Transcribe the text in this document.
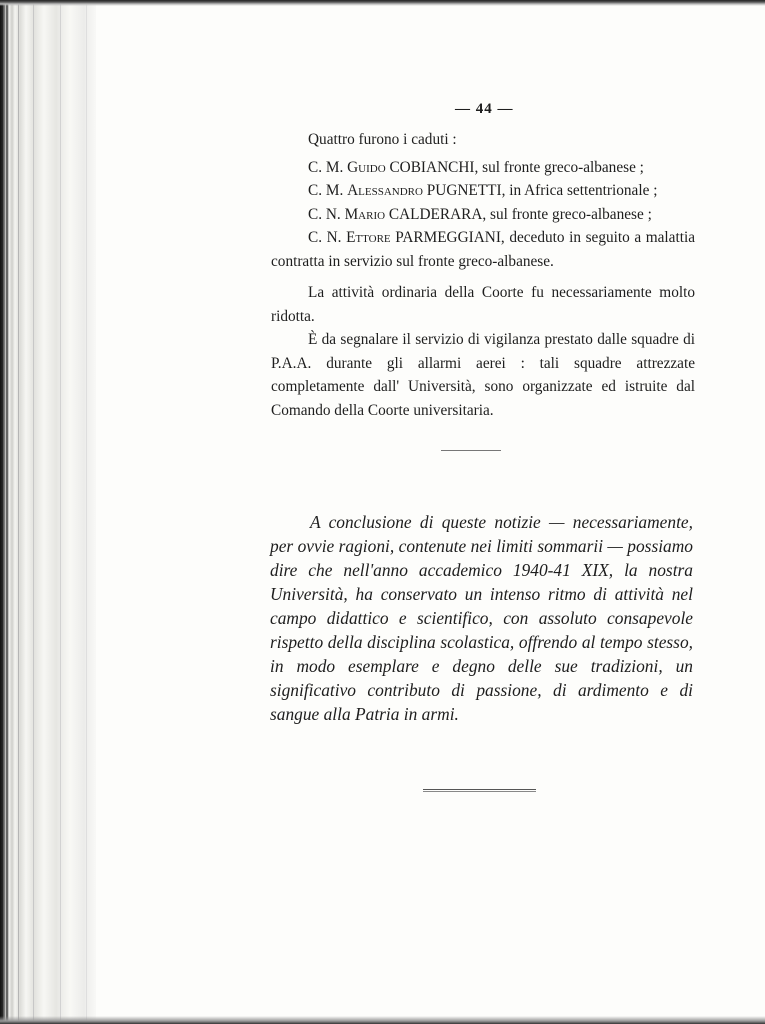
— 44 —

Quattro furono i caduti :

C. M. Guido COBIANCHI, sul fronte greco-albanese ;

C. M. Alessandro PUGNETTI, in Africa settentrionale ;

C. N. Mario CALDERARA, sul fronte greco-albanese ;

C. N. Ettore PARMEGGIANI, deceduto in seguito a malattia contratta in servizio sul fronte greco-albanese.

La attività ordinaria della Coorte fu necessariamente molto ridotta.

È da segnalare il servizio di vigilanza prestato dalle squadre di P.A.A. durante gli allarmi aerei : tali squadre attrezzate completamente dall' Università, sono organizzate ed istruite dal Comando della Coorte universitaria.

A conclusione di queste notizie — necessariamente, per ovvie ragioni, contenute nei limiti sommarii — possiamo dire che nell'anno accademico 1940-41 XIX, la nostra Università, ha conservato un intenso ritmo di attività nel campo didattico e scientifico, con assoluto consapevole rispetto della disciplina scolastica, offrendo al tempo stesso, in modo esemplare e degno delle sue tradizioni, un significativo contributo di passione, di ardimento e di sangue alla Patria in armi.
